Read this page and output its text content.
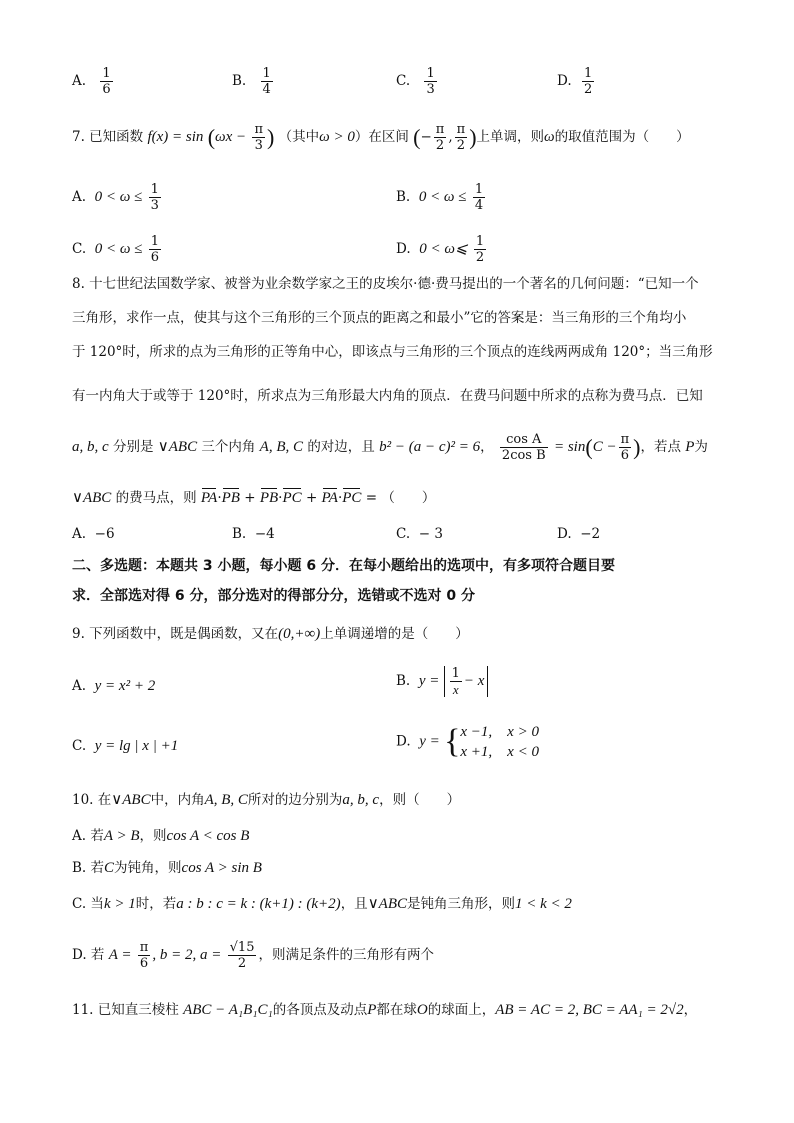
A. $\frac{1}{6}$	B. $\frac{1}{4}$	C. $\frac{1}{3}$	D. $\frac{1}{2}$
7. 已知函数 $f(x) = \sin (\omega x - \frac{\pi}{3}$ ) （其中ω > 0）在区间 (− $\frac{\pi}{2}$ , $\frac{\pi}{2}$ )上单调，则ω的取值范围为（　　）
A. $0 < \omega \le \frac{1}{3}$	B. $0 < \omega \le \frac{1}{4}$
C. $0 < \omega \le \frac{1}{6}$	D. 0 < ω⩽ $\frac{1}{2}$
8. 十七世纪法国数学家、被誉为业余数学家之王的皮埃尔·德·费马提出的一个著名的几何问题：“已知一个
三角形，求作一点，使其与这个三角形的三个顶点的距离之和最小”它的答案是：当三角形的三个角均小
于 120°时，所求的点为三角形的正等角中心，即该点与三角形的三个顶点的连线两两成角 120°；当三角形
有一内角大于或等于 120°时，所求点为三角形最大内角的顶点．在费马问题中所求的点称为费马点．已知
a, b, c 分别是 ∨ABC 三个内角 A, B, C 的对边，且 b² − (a − c)² = 6， $\frac{\text{cos A}}{\text{2cos B}} = \sin(C - \frac{\pi}{6}$ )，若点 P为
∨ABC 的费马点，则 PA·PB + PB·PC + PA·PC = （　　）
A. −6	B. −4	C. − 3	D. −2
二、多选题：本题共 3 小题，每小题 6 分．在每小题给出的选项中，有多项符合题目要
求．全部选对得 6 分，部分选对的得部分分，选错或不选对 0 分
9. 下列函数中，既是偶函数，又在(0,+∞)上单调递增的是（　　）
A. y = x² + 2	B. $y = \frac{1}{x} - x$
C. y = lg | x | +1	D. y = { x −1,　x > 0
x +1,　x < 0
10. 在∨ABC中，内角A, B, C所对的边分别为a, b, c，则（　　）
A. 若A > B，则cos A < cos B
B. 若C为钝角，则cos A > sin B
C. 当k > 1时，若a : b : c = k : (k+1) : (k+2)，且∨ABC是钝角三角形，则1 < k < 2
D. 若 $A = \frac{\pi}{6}$ , b = 2, $a = \frac{√15}{2}$ ，则满足条件的三角形有两个
11. 已知直三棱柱 ABC − A₁B₁C₁的各顶点及动点P都在球O的球面上，AB = AC = 2, BC = AA₁ = 2√2，
